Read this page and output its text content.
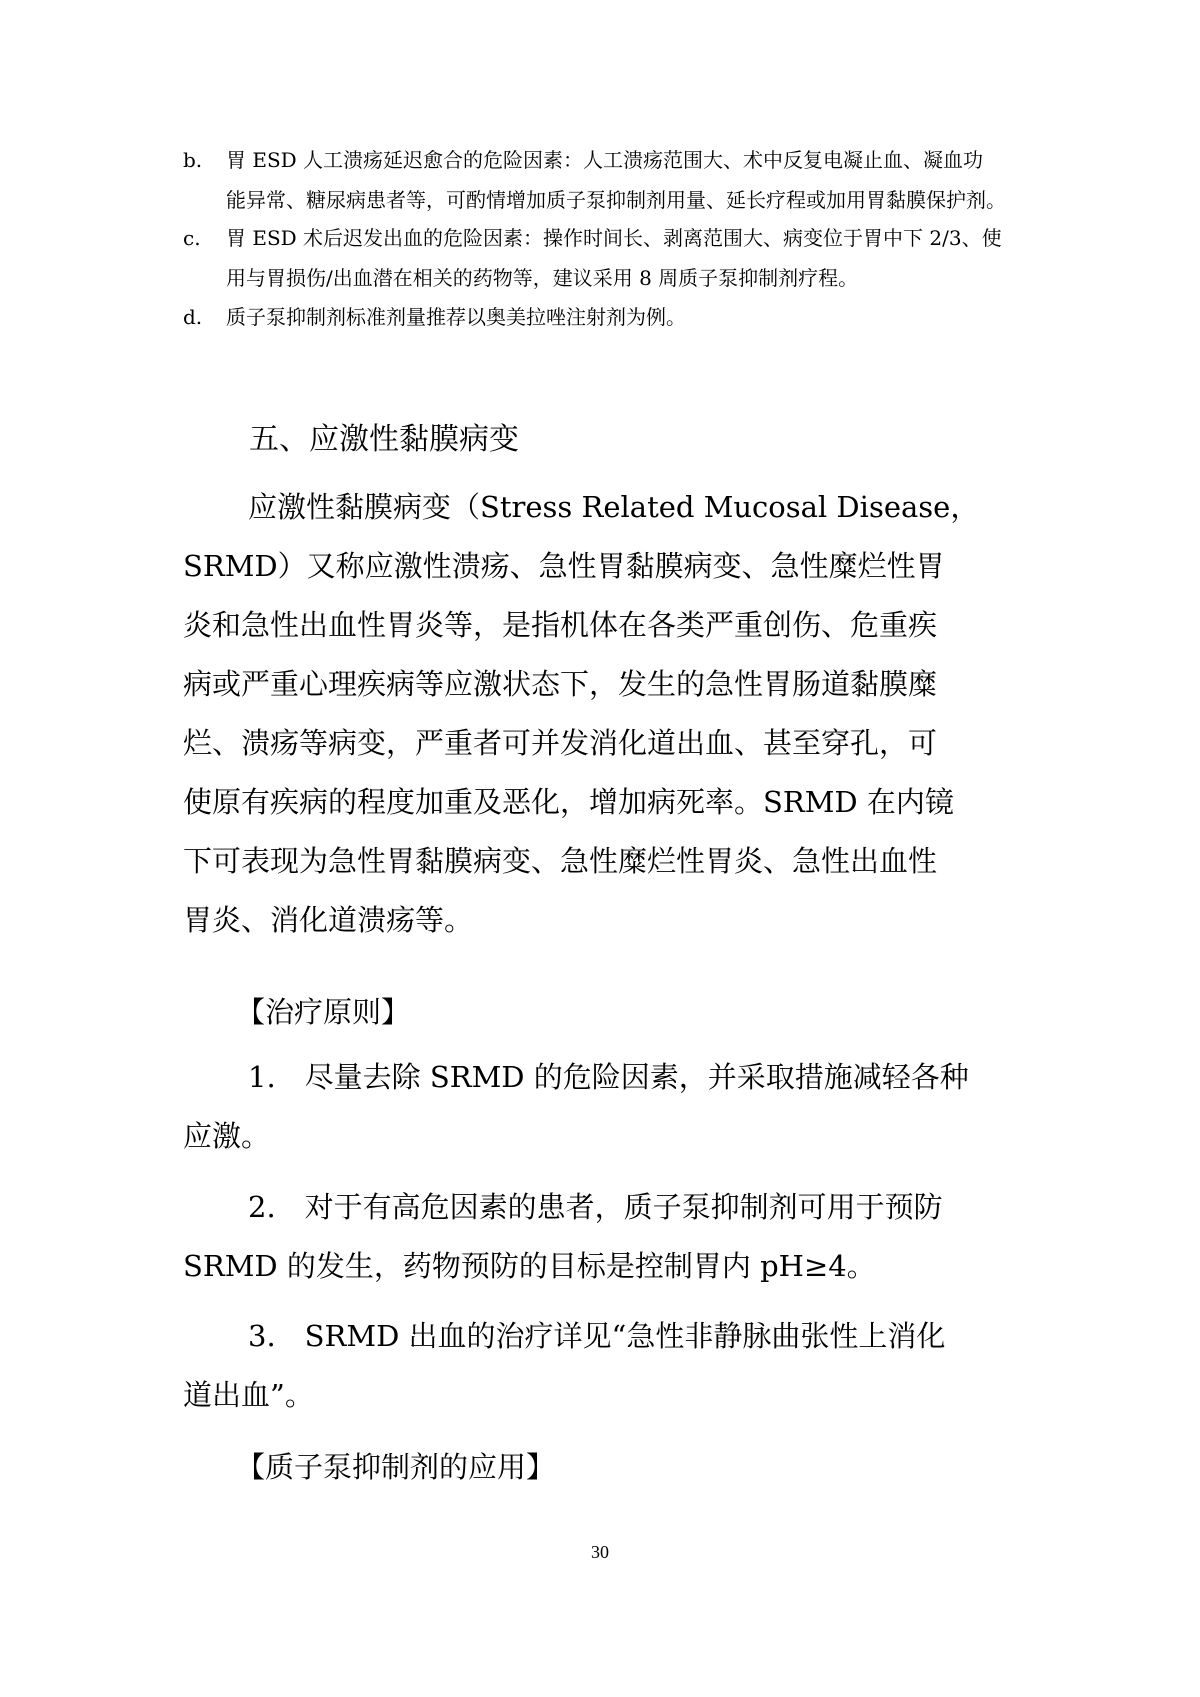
b. 胃 ESD 人工溃疡延迟愈合的危险因素：人工溃疡范围大、术中反复电凝止血、凝血功
能异常、糖尿病患者等，可酌情增加质子泵抑制剂用量、延长疗程或加用胃黏膜保护剂。
c. 胃 ESD 术后迟发出血的危险因素：操作时间长、剥离范围大、病变位于胃中下 2/3、使
用与胃损伤/出血潜在相关的药物等，建议采用 8 周质子泵抑制剂疗程。
d. 质子泵抑制剂标准剂量推荐以奥美拉唑注射剂为例。
五、应激性黏膜病变
应激性黏膜病变（Stress Related Mucosal Disease，
SRMD）又称应激性溃疡、急性胃黏膜病变、急性糜烂性胃
炎和急性出血性胃炎等，是指机体在各类严重创伤、危重疾
病或严重心理疾病等应激状态下，发生的急性胃肠道黏膜糜
烂、溃疡等病变，严重者可并发消化道出血、甚至穿孔，可
使原有疾病的程度加重及恶化，增加病死率。SRMD 在内镜
下可表现为急性胃黏膜病变、急性糜烂性胃炎、急性出血性
胃炎、消化道溃疡等。
【治疗原则】
1.　尽量去除 SRMD 的危险因素，并采取措施减轻各种
应激。
2.　对于有高危因素的患者，质子泵抑制剂可用于预防
SRMD 的发生，药物预防的目标是控制胃内 pH≥4。
3.　SRMD 出血的治疗详见“急性非静脉曲张性上消化
道出血”。
【质子泵抑制剂的应用】
30
